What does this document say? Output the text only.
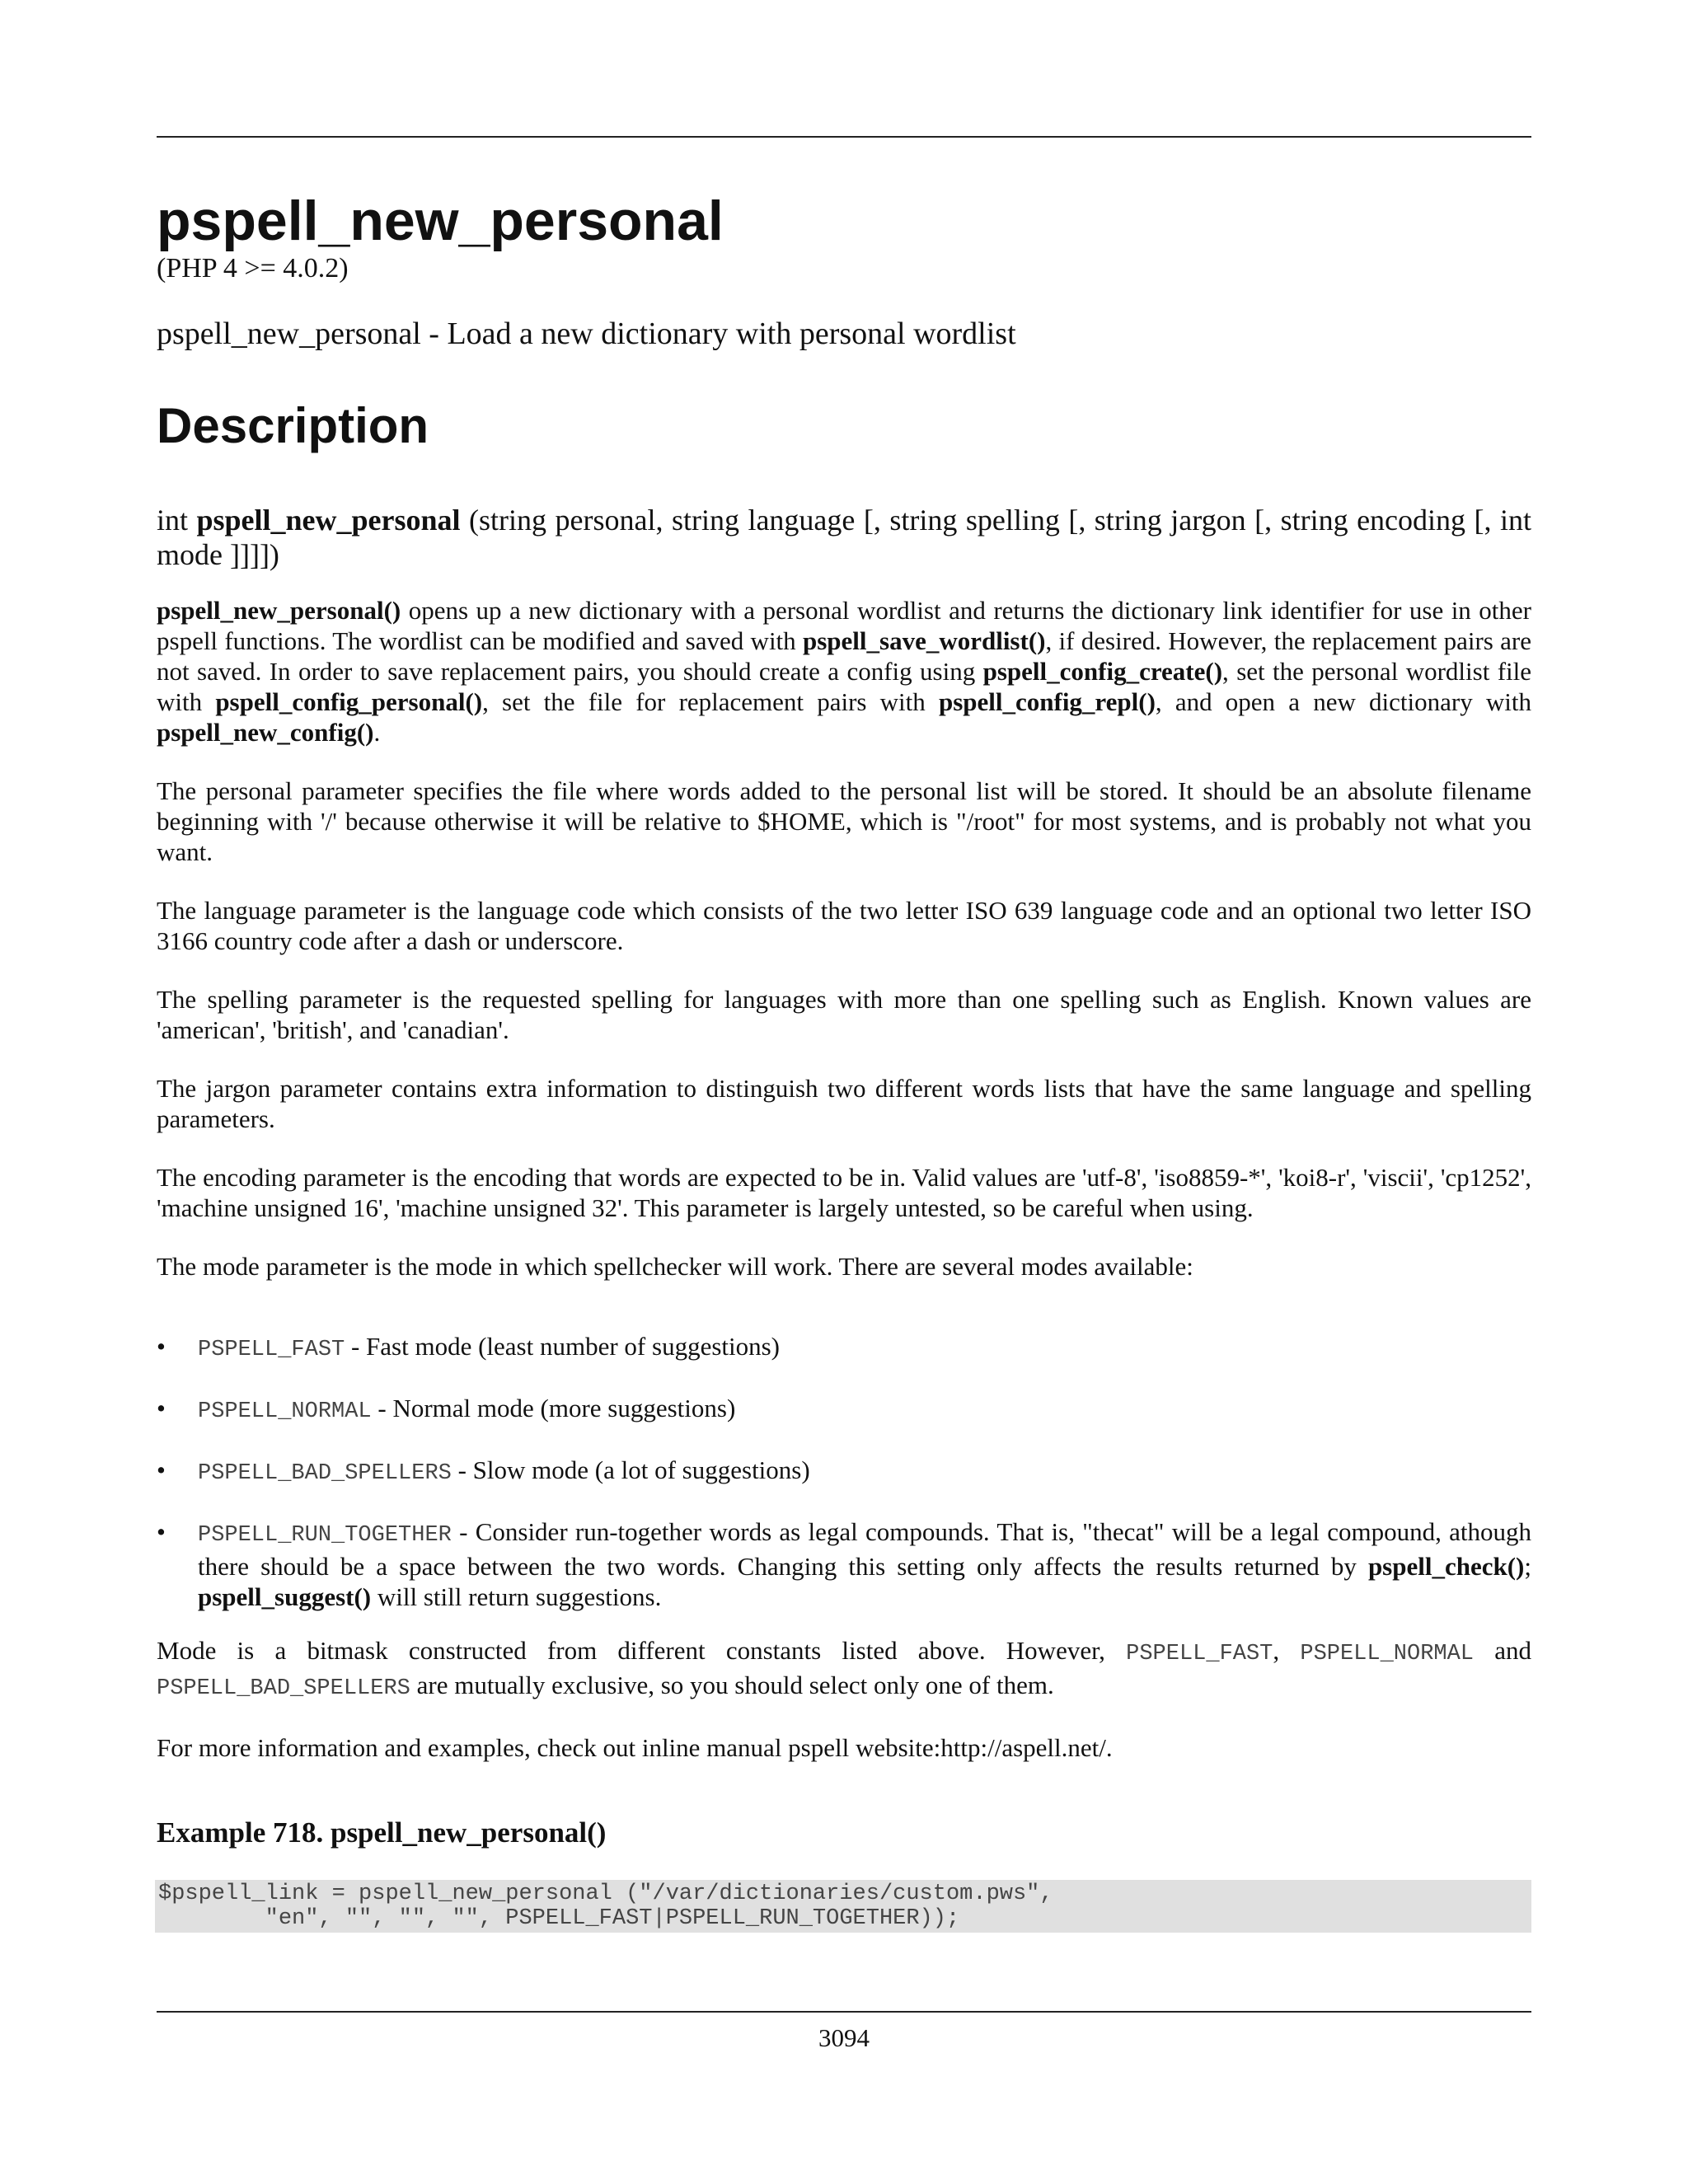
pspell_new_personal
(PHP 4 >= 4.0.2)
pspell_new_personal - Load a new dictionary with personal wordlist
Description
int pspell_new_personal (string personal, string language [, string spelling [, string jargon [, string encoding [, int mode ]]]])

pspell_new_personal() opens up a new dictionary with a personal wordlist and returns the dictionary link identifier for use in other pspell functions. The wordlist can be modified and saved with pspell_save_wordlist(), if desired. However, the replacement pairs are not saved. In order to save replacement pairs, you should create a config using pspell_config_create(), set the personal wordlist file with pspell_config_personal(), set the file for replacement pairs with pspell_config_repl(), and open a new dictionary with pspell_new_config().

The personal parameter specifies the file where words added to the personal list will be stored. It should be an absolute filename beginning with '/' because otherwise it will be relative to $HOME, which is "/root" for most systems, and is probably not what you want.

The language parameter is the language code which consists of the two letter ISO 639 language code and an optional two letter ISO 3166 country code after a dash or underscore.

The spelling parameter is the requested spelling for languages with more than one spelling such as English. Known values are 'american', 'british', and 'canadian'.

The jargon parameter contains extra information to distinguish two different words lists that have the same language and spelling parameters.

The encoding parameter is the encoding that words are expected to be in. Valid values are 'utf-8', 'iso8859-*', 'koi8-r', 'viscii', 'cp1252', 'machine unsigned 16', 'machine unsigned 32'. This parameter is largely untested, so be careful when using.

The mode parameter is the mode in which spellchecker will work. There are several modes available:

• PSPELL_FAST - Fast mode (least number of suggestions)
• PSPELL_NORMAL - Normal mode (more suggestions)
• PSPELL_BAD_SPELLERS - Slow mode (a lot of suggestions)
• PSPELL_RUN_TOGETHER - Consider run-together words as legal compounds. That is, "thecat" will be a legal compound, athough there should be a space between the two words. Changing this setting only affects the results returned by pspell_check(); pspell_suggest() will still return suggestions.

Mode is a bitmask constructed from different constants listed above. However, PSPELL_FAST, PSPELL_NORMAL and PSPELL_BAD_SPELLERS are mutually exclusive, so you should select only one of them.

For more information and examples, check out inline manual pspell website:http://aspell.net/.

Example 718. pspell_new_personal()
$pspell_link = pspell_new_personal ("/var/dictionaries/custom.pws",
"en", "", "", "", PSPELL_FAST|PSPELL_RUN_TOGETHER));
3094
